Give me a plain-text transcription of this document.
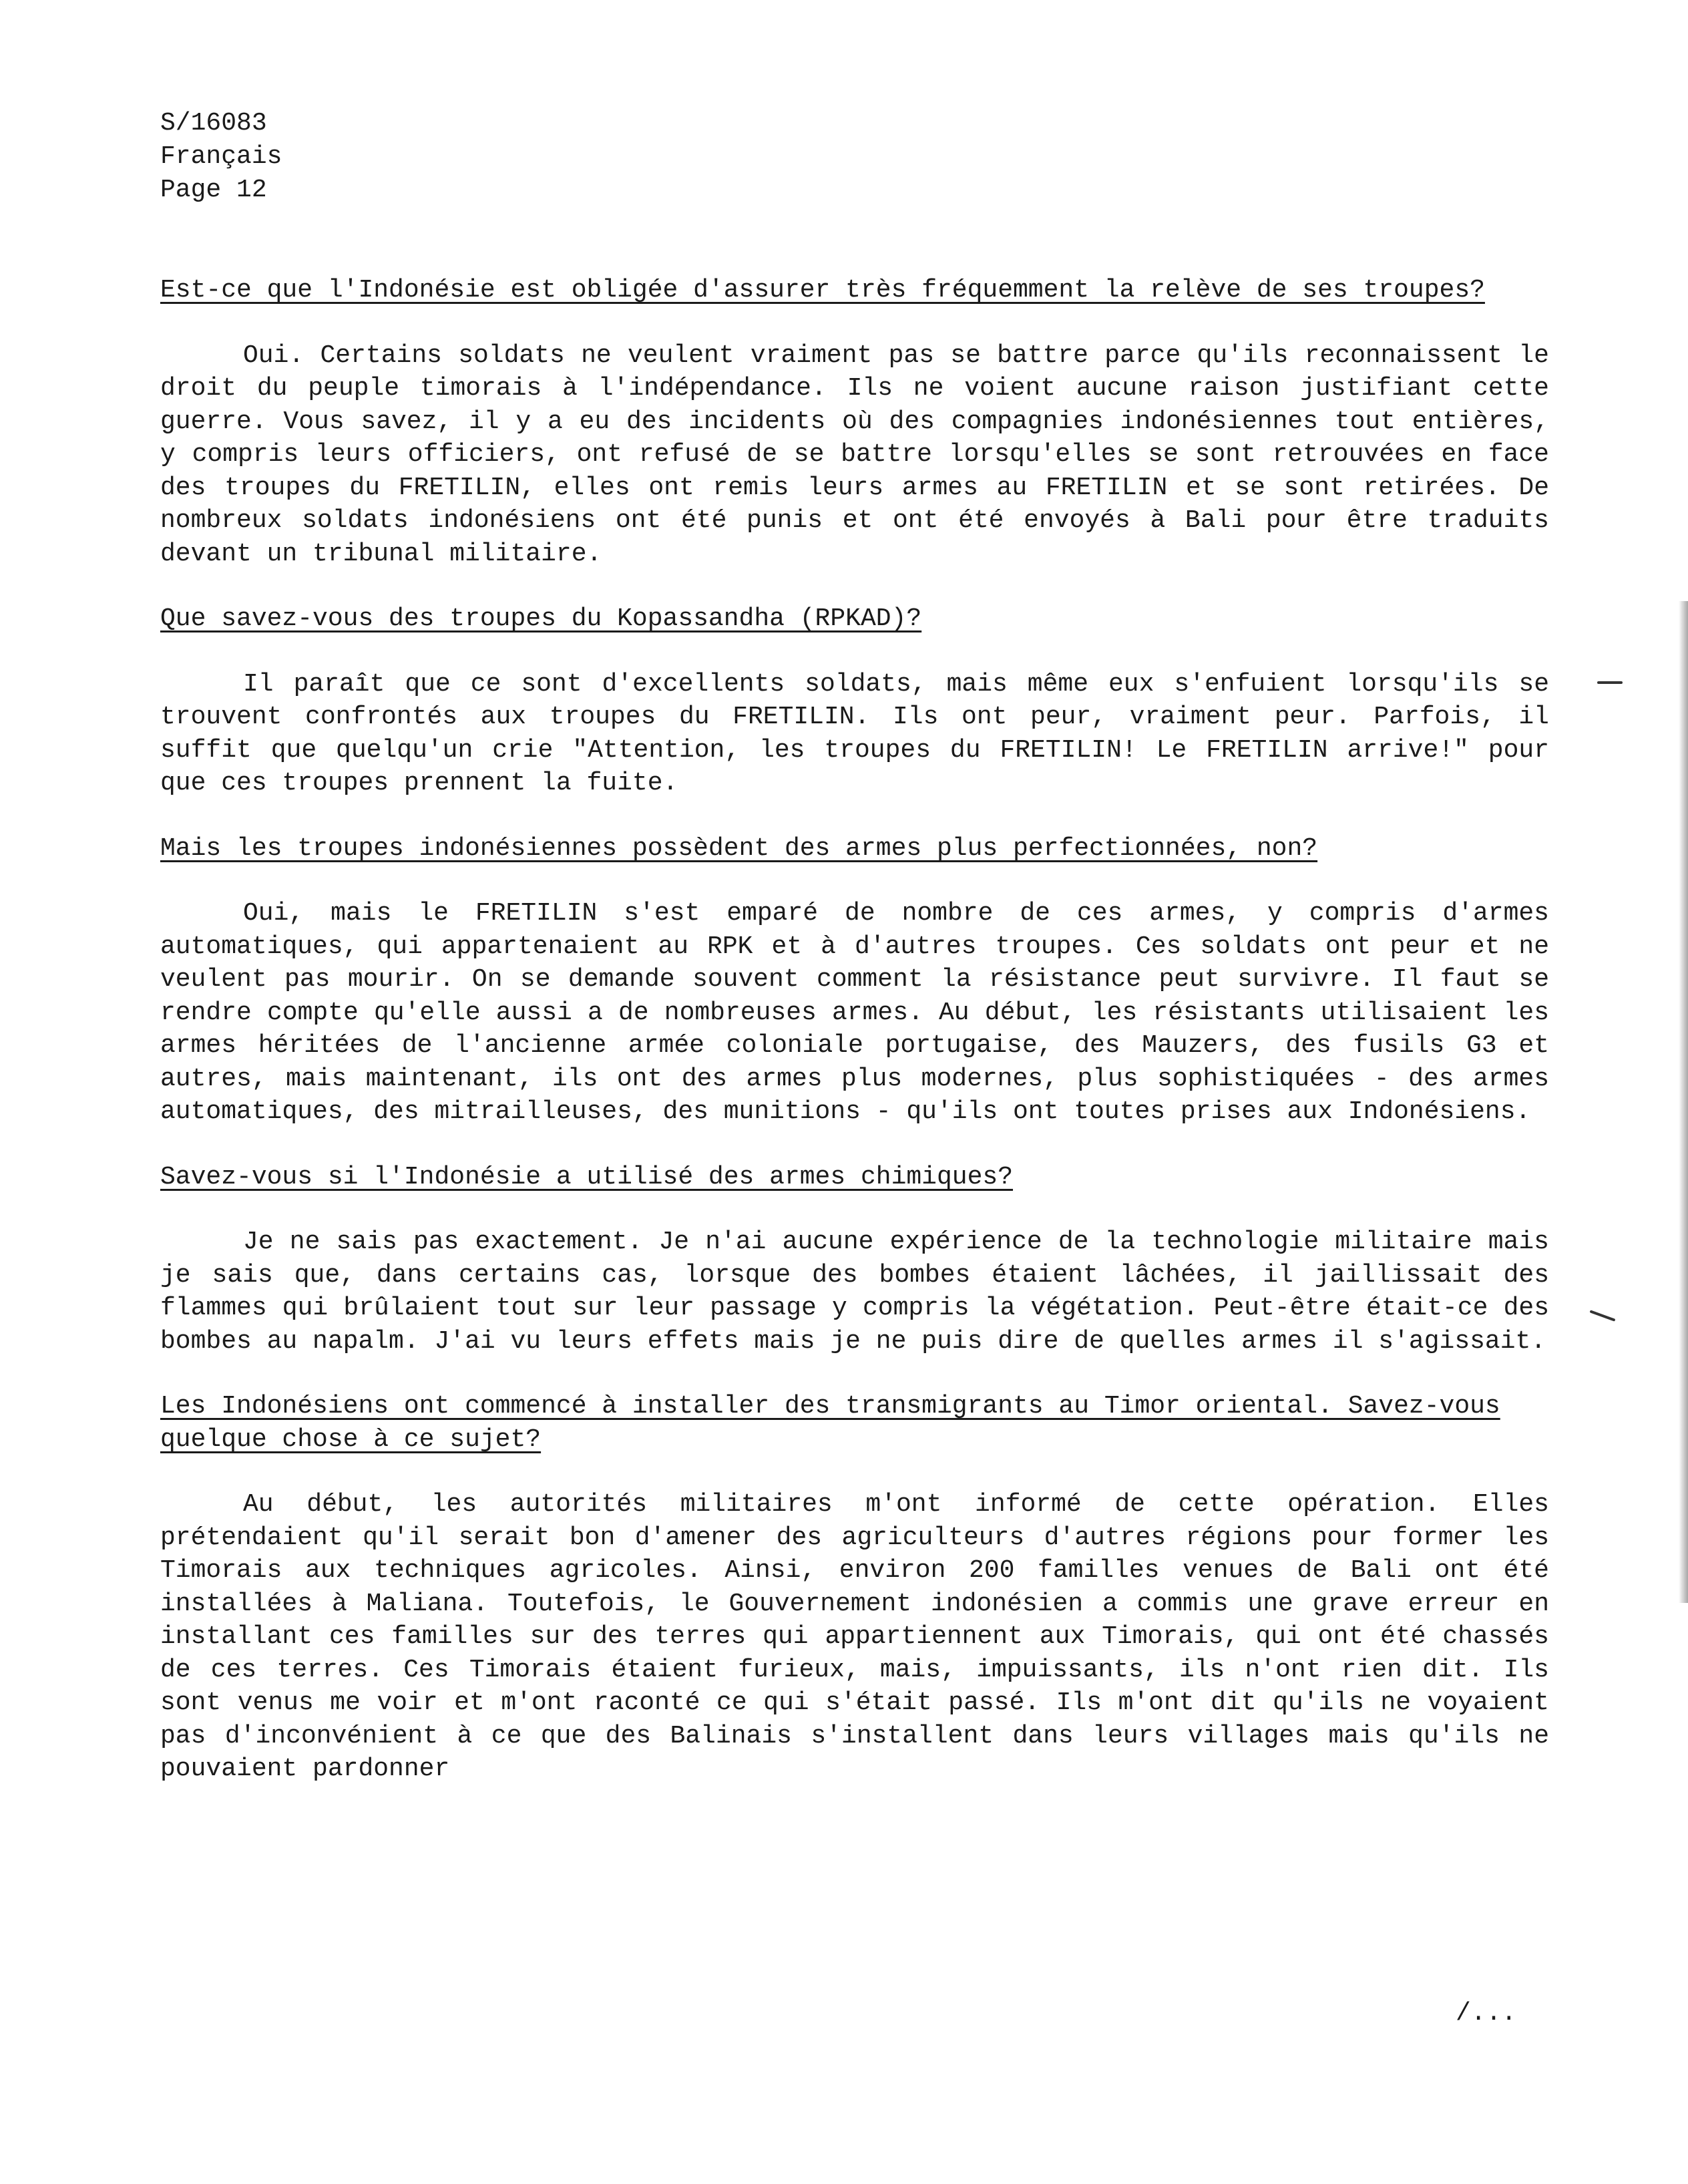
S/16083
Français
Page 12
Est-ce que l'Indonésie est obligée d'assurer très fréquemment la relève de ses troupes?
Oui. Certains soldats ne veulent vraiment pas se battre parce qu'ils reconnaissent le droit du peuple timorais à l'indépendance. Ils ne voient aucune raison justifiant cette guerre. Vous savez, il y a eu des incidents où des compagnies indonésiennes tout entières, y compris leurs officiers, ont refusé de se battre lorsqu'elles se sont retrouvées en face des troupes du FRETILIN, elles ont remis leurs armes au FRETILIN et se sont retirées. De nombreux soldats indonésiens ont été punis et ont été envoyés à Bali pour être traduits devant un tribunal militaire.
Que savez-vous des troupes du Kopassandha (RPKAD)?
Il paraît que ce sont d'excellents soldats, mais même eux s'enfuient lorsqu'ils se trouvent confrontés aux troupes du FRETILIN. Ils ont peur, vraiment peur. Parfois, il suffit que quelqu'un crie "Attention, les troupes du FRETILIN! Le FRETILIN arrive!" pour que ces troupes prennent la fuite.
Mais les troupes indonésiennes possèdent des armes plus perfectionnées, non?
Oui, mais le FRETILIN s'est emparé de nombre de ces armes, y compris d'armes automatiques, qui appartenaient au RPK et à d'autres troupes. Ces soldats ont peur et ne veulent pas mourir. On se demande souvent comment la résistance peut survivre. Il faut se rendre compte qu'elle aussi a de nombreuses armes. Au début, les résistants utilisaient les armes héritées de l'ancienne armée coloniale portugaise, des Mauzers, des fusils G3 et autres, mais maintenant, ils ont des armes plus modernes, plus sophistiquées - des armes automatiques, des mitrailleuses, des munitions - qu'ils ont toutes prises aux Indonésiens.
Savez-vous si l'Indonésie a utilisé des armes chimiques?
Je ne sais pas exactement. Je n'ai aucune expérience de la technologie militaire mais je sais que, dans certains cas, lorsque des bombes étaient lâchées, il jaillissait des flammes qui brûlaient tout sur leur passage y compris la végétation. Peut-être était-ce des bombes au napalm. J'ai vu leurs effets mais je ne puis dire de quelles armes il s'agissait.
Les Indonésiens ont commencé à installer des transmigrants au Timor oriental. Savez-vous quelque chose à ce sujet?
Au début, les autorités militaires m'ont informé de cette opération. Elles prétendaient qu'il serait bon d'amener des agriculteurs d'autres régions pour former les Timorais aux techniques agricoles. Ainsi, environ 200 familles venues de Bali ont été installées à Maliana. Toutefois, le Gouvernement indonésien a commis une grave erreur en installant ces familles sur des terres qui appartiennent aux Timorais, qui ont été chassés de ces terres. Ces Timorais étaient furieux, mais, impuissants, ils n'ont rien dit. Ils sont venus me voir et m'ont raconté ce qui s'était passé. Ils m'ont dit qu'ils ne voyaient pas d'inconvénient à ce que des Balinais s'installent dans leurs villages mais qu'ils ne pouvaient pardonner
/...
